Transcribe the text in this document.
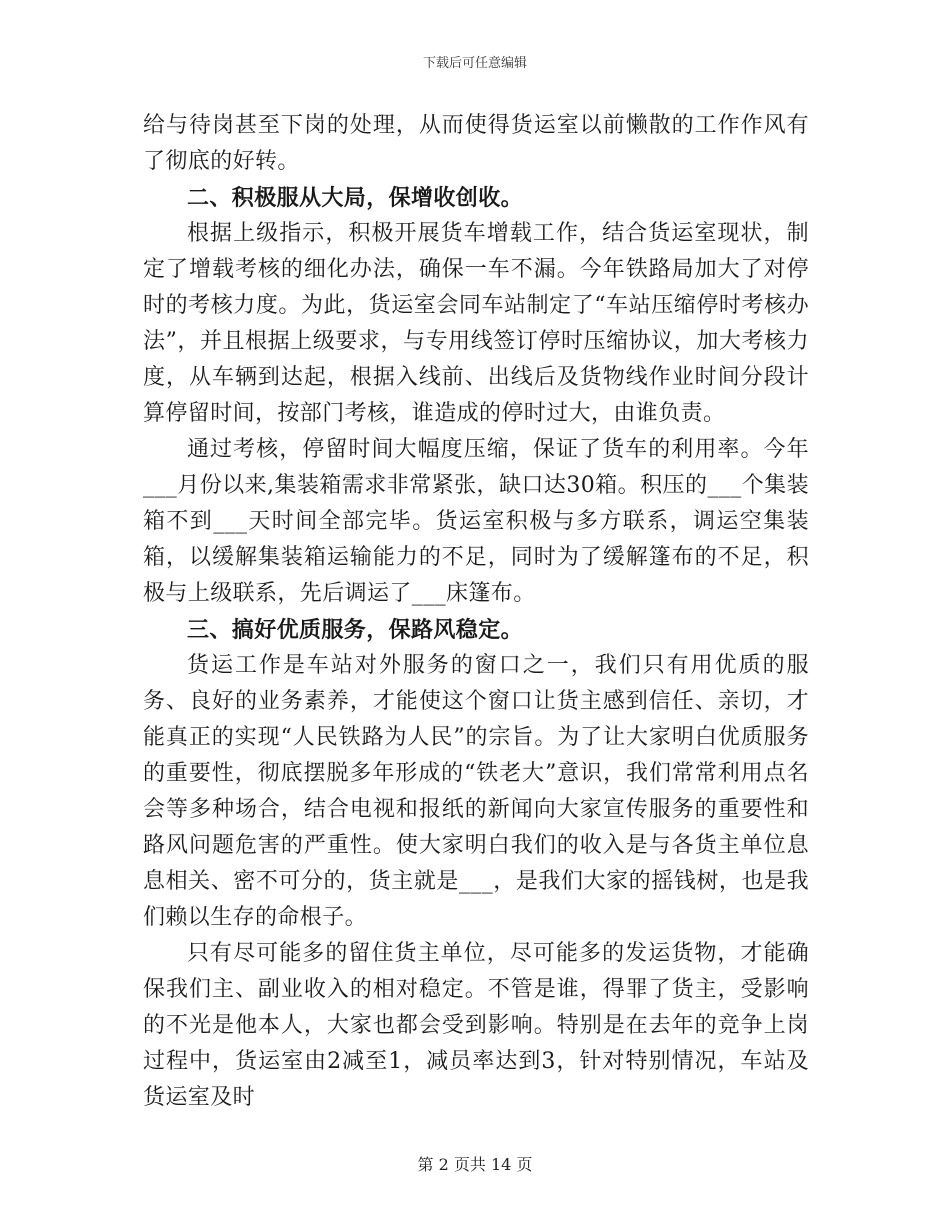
下载后可任意编辑

给与待岗甚至下岗的处理，从而使得货运室以前懒散的工作作风有了彻底的好转。

二、积极服从大局，保增收创收。

根据上级指示，积极开展货车增载工作，结合货运室现状，制定了增载考核的细化办法，确保一车不漏。今年铁路局加大了对停时的考核力度。为此，货运室会同车站制定了“车站压缩停时考核办法”，并且根据上级要求，与专用线签订停时压缩协议，加大考核力度，从车辆到达起，根据入线前、出线后及货物线作业时间分段计算停留时间，按部门考核，谁造成的停时过大，由谁负责。

通过考核，停留时间大幅度压缩，保证了货车的利用率。今年___月份以来,集装箱需求非常紧张，缺口达30箱。积压的___个集装箱不到___天时间全部完毕。货运室积极与多方联系，调运空集装箱，以缓解集装箱运输能力的不足，同时为了缓解篷布的不足，积极与上级联系，先后调运了___床篷布。

三、搞好优质服务，保路风稳定。

货运工作是车站对外服务的窗口之一，我们只有用优质的服务、良好的业务素养，才能使这个窗口让货主感到信任、亲切，才能真正的实现“人民铁路为人民”的宗旨。为了让大家明白优质服务的重要性，彻底摆脱多年形成的“铁老大”意识，我们常常利用点名会等多种场合，结合电视和报纸的新闻向大家宣传服务的重要性和路风问题危害的严重性。使大家明白我们的收入是与各货主单位息息相关、密不可分的，货主就是___，是我们大家的摇钱树，也是我们赖以生存的命根子。

只有尽可能多的留住货主单位，尽可能多的发运货物，才能确保我们主、副业收入的相对稳定。不管是谁，得罪了货主，受影响的不光是他本人，大家也都会受到影响。特别是在去年的竞争上岗过程中，货运室由2减至1，减员率达到3，针对特别情况，车站及货运室及时

第 2 页共 14 页
